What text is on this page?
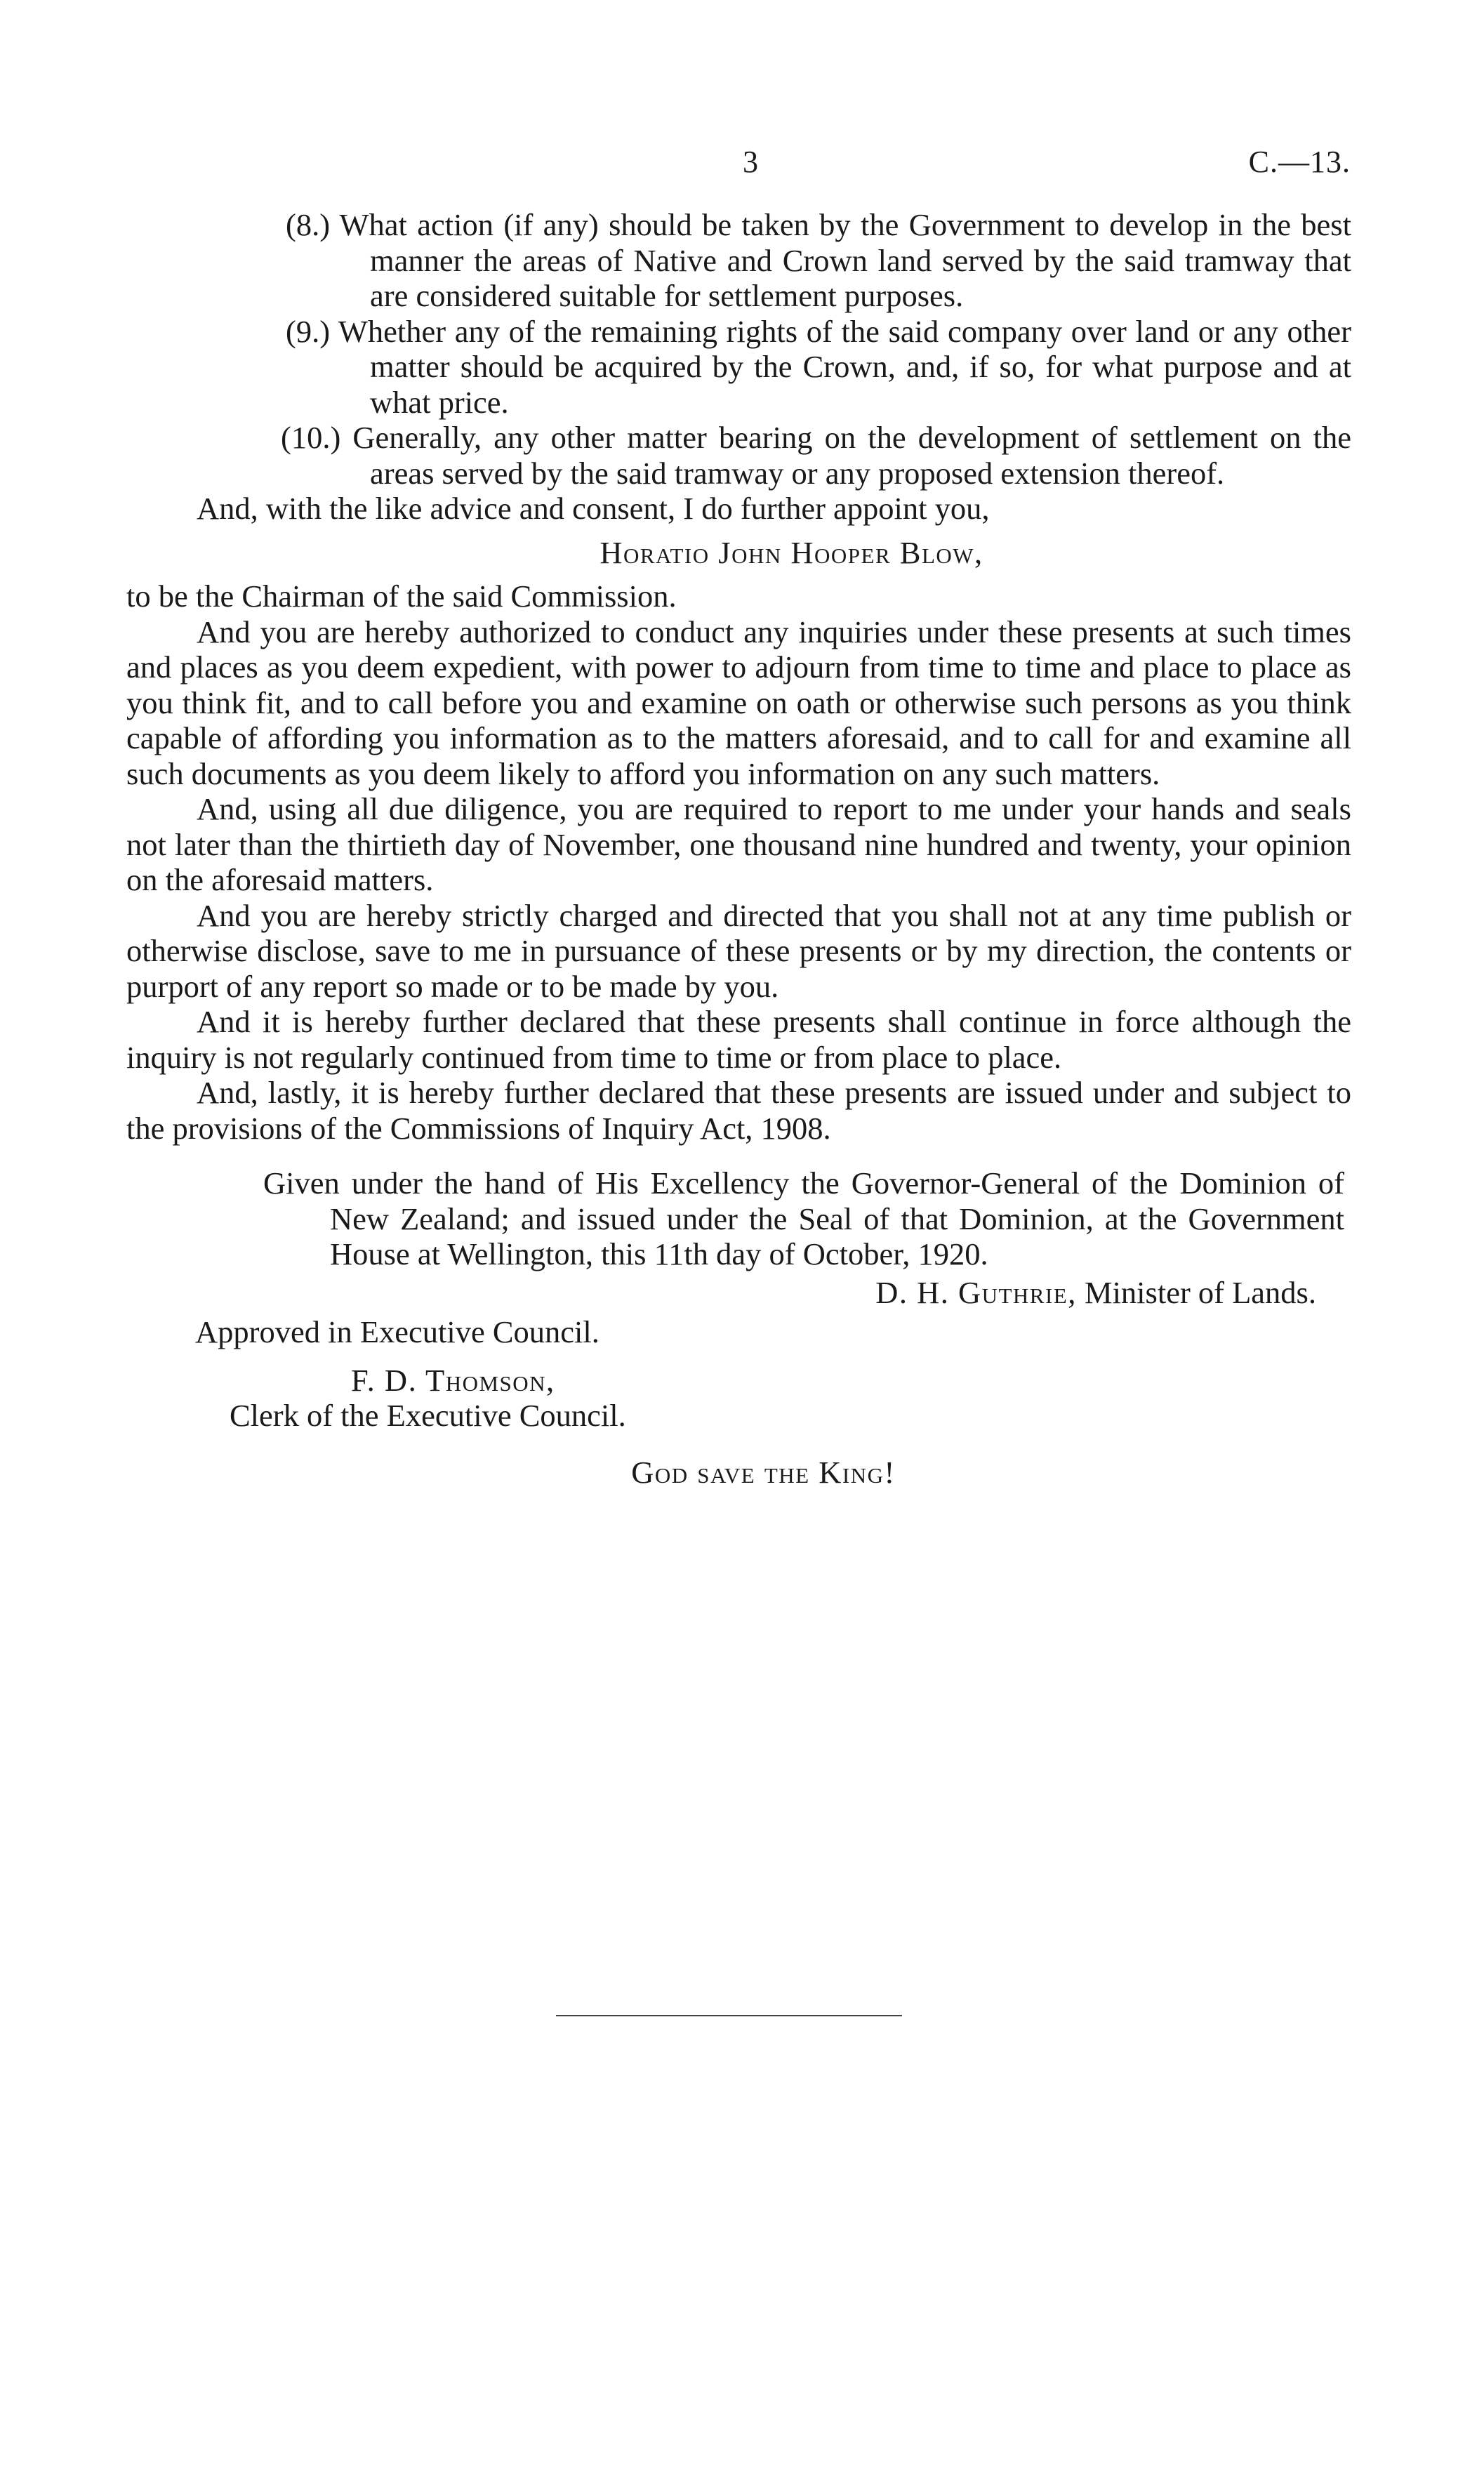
3	C.—13.

(8.) What action (if any) should be taken by the Government to develop in the best manner the areas of Native and Crown land served by the said tramway that are considered suitable for settlement purposes.

(9.) Whether any of the remaining rights of the said company over land or any other matter should be acquired by the Crown, and, if so, for what purpose and at what price.

(10.) Generally, any other matter bearing on the development of settlement on the areas served by the said tramway or any proposed extension thereof.

And, with the like advice and consent, I do further appoint you,

Horatio John Hooper Blow,

to be the Chairman of the said Commission.

And you are hereby authorized to conduct any inquiries under these presents at such times and places as you deem expedient, with power to adjourn from time to time and place to place as you think fit, and to call before you and examine on oath or otherwise such persons as you think capable of affording you information as to the matters aforesaid, and to call for and examine all such documents as you deem likely to afford you information on any such matters.

And, using all due diligence, you are required to report to me under your hands and seals not later than the thirtieth day of November, one thousand nine hundred and twenty, your opinion on the aforesaid matters.

And you are hereby strictly charged and directed that you shall not at any time publish or otherwise disclose, save to me in pursuance of these presents or by my direction, the contents or purport of any report so made or to be made by you.

And it is hereby further declared that these presents shall continue in force although the inquiry is not regularly continued from time to time or from place to place.

And, lastly, it is hereby further declared that these presents are issued under and subject to the provisions of the Commissions of Inquiry Act, 1908.

Given under the hand of His Excellency the Governor-General of the Dominion of New Zealand; and issued under the Seal of that Dominion, at the Government House at Wellington, this 11th day of October, 1920.

D. H. Guthrie, Minister of Lands.

Approved in Executive Council.

F. D. Thomson,

Clerk of the Executive Council.

God save the King!
